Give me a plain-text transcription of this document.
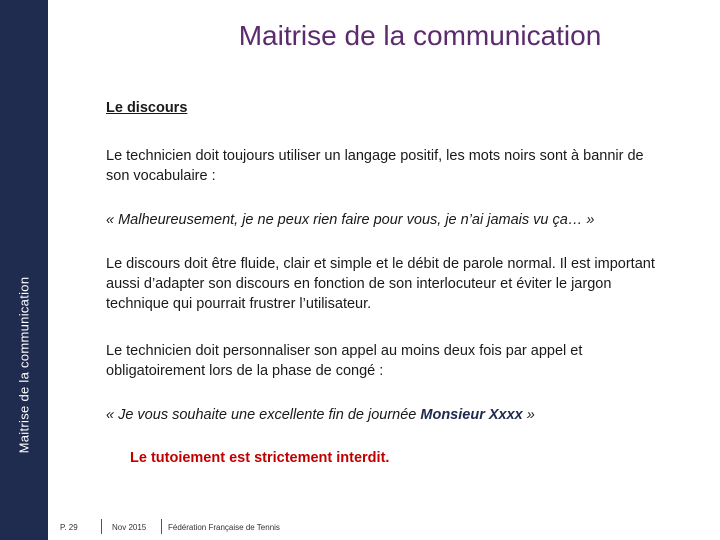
Maitrise de la communication
Maitrise de la communication
Le discours
Le technicien doit toujours utiliser un langage positif, les mots noirs sont à bannir de son vocabulaire :
« Malheureusement, je ne peux rien faire pour vous, je n’ai jamais vu ça… »
Le discours doit être fluide, clair et simple et le débit de parole normal. Il est important aussi d’adapter son discours en fonction de son interlocuteur et éviter le jargon technique qui pourrait frustrer l’utilisateur.
Le technicien doit personnaliser son appel au moins deux fois par appel et obligatoirement lors de la phase de congé :
« Je vous souhaite une excellente fin de journée Monsieur Xxxx »
Le tutoiement est strictement interdit.
P. 29	Nov 2015	Fédération Française de Tennis
